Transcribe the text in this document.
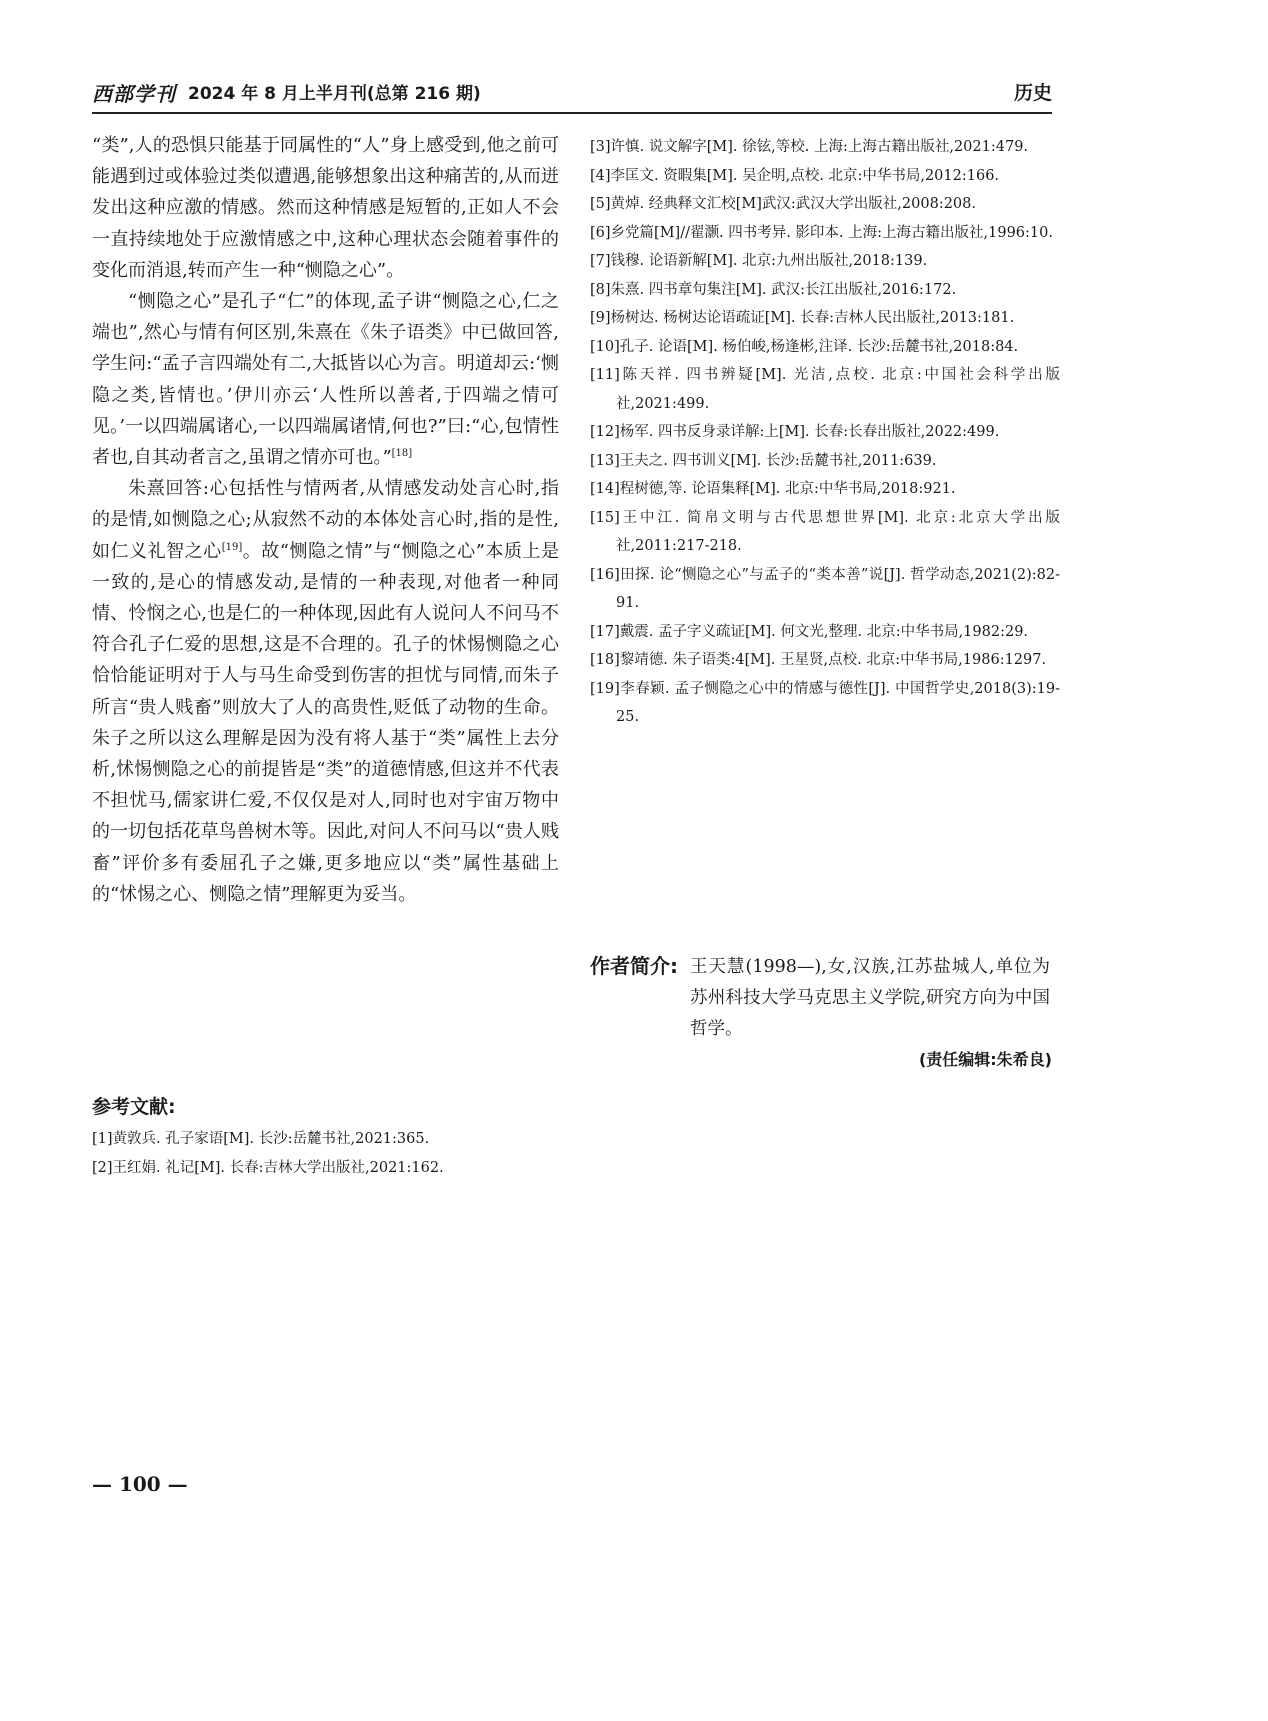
西部学刊 2024 年 8 月上半月刊(总第 216 期)	历史

“类”,人的恐惧只能基于同属性的“人”身上感受到,他之前可能遇到过或体验过类似遭遇,能够想象出这种痛苦的,从而迸发出这种应激的情感。然而这种情感是短暂的,正如人不会一直持续地处于应激情感之中,这种心理状态会随着事件的变化而消退,转而产生一种“恻隐之心”。

“恻隐之心”是孔子“仁”的体现,孟子讲“恻隐之心,仁之端也”,然心与情有何区别,朱熹在《朱子语类》中已做回答,学生问:“孟子言四端处有二,大抵皆以心为言。明道却云:‘恻隐之类,皆情也。’伊川亦云‘人性所以善者,于四端之情可见。’一以四端属诸心,一以四端属诸情,何也?”曰:“心,包情性者也,自其动者言之,虽谓之情亦可也。”[18]

朱熹回答:心包括性与情两者,从情感发动处言心时,指的是情,如恻隐之心;从寂然不动的本体处言心时,指的是性,如仁义礼智之心[19]。故“恻隐之情”与“恻隐之心”本质上是一致的,是心的情感发动,是情的一种表现,对他者一种同情、怜悯之心,也是仁的一种体现,因此有人说问人不问马不符合孔子仁爱的思想,这是不合理的。孔子的怵惕恻隐之心恰恰能证明对于人与马生命受到伤害的担忧与同情,而朱子所言“贵人贱畜”则放大了人的高贵性,贬低了动物的生命。朱子之所以这么理解是因为没有将人基于“类”属性上去分析,怵惕恻隐之心的前提皆是“类”的道德情感,但这并不代表不担忧马,儒家讲仁爱,不仅仅是对人,同时也对宇宙万物中的一切包括花草鸟兽树木等。因此,对问人不问马以“贵人贱畜”评价多有委屈孔子之嫌,更多地应以“类”属性基础上的“怵惕之心、恻隐之情”理解更为妥当。

参考文献:
[1]黄敦兵. 孔子家语[M]. 长沙:岳麓书社,2021:365.
[2]王红娟. 礼记[M]. 长春:吉林大学出版社,2021:162.
[3]许慎. 说文解字[M]. 徐铉,等校. 上海:上海古籍出版社,2021:479.
[4]李匡文. 资暇集[M]. 吴企明,点校. 北京:中华书局,2012:166.
[5]黄焯. 经典释文汇校[M]武汉:武汉大学出版社,2008:208.
[6]乡党篇[M]//翟灏. 四书考异. 影印本. 上海:上海古籍出版社,1996:10.
[7]钱穆. 论语新解[M]. 北京:九州出版社,2018:139.
[8]朱熹. 四书章句集注[M]. 武汉:长江出版社,2016:172.
[9]杨树达. 杨树达论语疏证[M]. 长春:吉林人民出版社,2013:181.
[10]孔子. 论语[M]. 杨伯峻,杨逢彬,注译. 长沙:岳麓书社,2018:84.
[11]陈天祥. 四书辨疑[M]. 光洁,点校. 北京:中国社会科学出版社,2021:499.
[12]杨军. 四书反身录详解:上[M]. 长春:长春出版社,2022:499.
[13]王夫之. 四书训义[M]. 长沙:岳麓书社,2011:639.
[14]程树德,等. 论语集释[M]. 北京:中华书局,2018:921.
[15]王中江. 简帛文明与古代思想世界[M]. 北京:北京大学出版社,2011:217-218.
[16]田探. 论“恻隐之心”与孟子的“类本善”说[J]. 哲学动态,2021(2):82-91.
[17]戴震. 孟子字义疏证[M]. 何文光,整理. 北京:中华书局,1982:29.
[18]黎靖德. 朱子语类:4[M]. 王星贤,点校. 北京:中华书局,1986:1297.
[19]李春颖. 孟子恻隐之心中的情感与德性[J]. 中国哲学史,2018(3):19-25.
作者简介: 王天慧(1998—),女,汉族,江苏盐城人,单位为苏州科技大学马克思主义学院,研究方向为中国哲学。
(责任编辑:朱希良)
— 100 —
